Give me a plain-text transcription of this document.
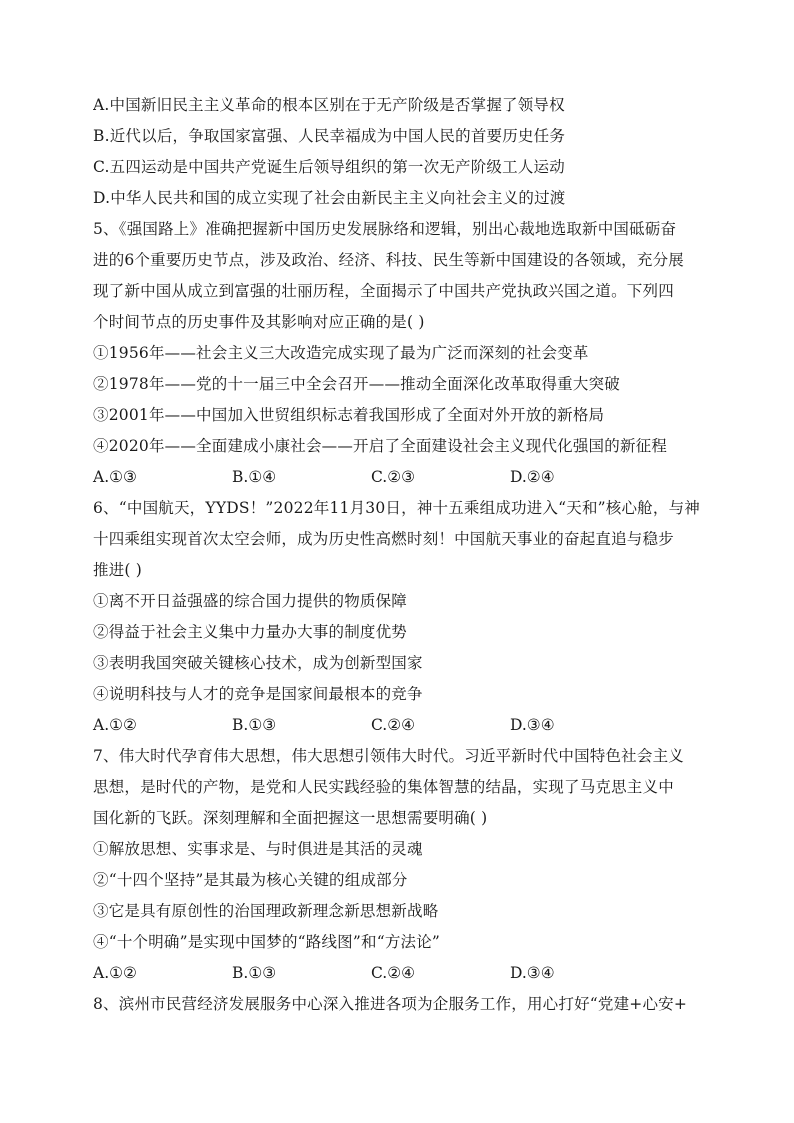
A.中国新旧民主主义革命的根本区别在于无产阶级是否掌握了领导权
B.近代以后，争取国家富强、人民幸福成为中国人民的首要历史任务
C.五四运动是中国共产党诞生后领导组织的第一次无产阶级工人运动
D.中华人民共和国的成立实现了社会由新民主主义向社会主义的过渡
5、《强国路上》准确把握新中国历史发展脉络和逻辑，别出心裁地选取新中国砥砺奋
进的6个重要历史节点，涉及政治、经济、科技、民生等新中国建设的各领域，充分展
现了新中国从成立到富强的壮丽历程，全面揭示了中国共产党执政兴国之道。下列四
个时间节点的历史事件及其影响对应正确的是( )
①1956年——社会主义三大改造完成实现了最为广泛而深刻的社会变革
②1978年——党的十一届三中全会召开——推动全面深化改革取得重大突破
③2001年——中国加入世贸组织标志着我国形成了全面对外开放的新格局
④2020年——全面建成小康社会——开启了全面建设社会主义现代化强国的新征程
A.①③	B.①④	C.②③	D.②④
6、“中国航天，YYDS！”2022年11月30日，神十五乘组成功进入“天和”核心舱，与神
十四乘组实现首次太空会师，成为历史性高燃时刻！中国航天事业的奋起直追与稳步
推进( )
①离不开日益强盛的综合国力提供的物质保障
②得益于社会主义集中力量办大事的制度优势
③表明我国突破关键核心技术，成为创新型国家
④说明科技与人才的竞争是国家间最根本的竞争
A.①②	B.①③	C.②④	D.③④
7、伟大时代孕育伟大思想，伟大思想引领伟大时代。习近平新时代中国特色社会主义
思想，是时代的产物，是党和人民实践经验的集体智慧的结晶，实现了马克思主义中
国化新的飞跃。深刻理解和全面把握这一思想需要明确( )
①解放思想、实事求是、与时俱进是其活的灵魂
②“十四个坚持”是其最为核心关键的组成部分
③它是具有原创性的治国理政新理念新思想新战略
④“十个明确”是实现中国梦的“路线图”和“方法论”
A.①②	B.①③	C.②④	D.③④
8、滨州市民营经济发展服务中心深入推进各项为企服务工作，用心打好“党建+心安+
